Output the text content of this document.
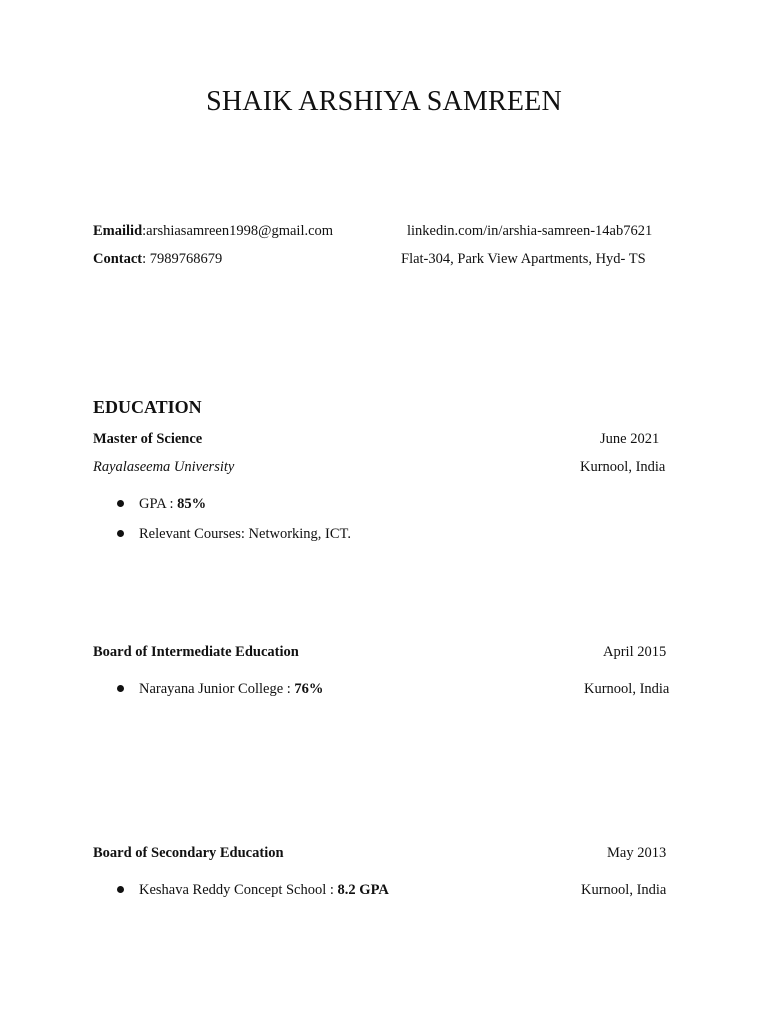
SHAIK ARSHIYA SAMREEN
Emailid:arshiasamreen1998@gmail.com	linkedin.com/in/arshia-samreen-14ab7621
Contact: 7989768679	Flat-304, Park View Apartments, Hyd- TS
EDUCATION
Master of Science	June 2021
Rayalaseema University	Kurnool, India
GPA : 85%
Relevant Courses: Networking, ICT.
Board of Intermediate Education	April 2015
Narayana Junior College : 76%	Kurnool, India
Board of Secondary Education	May 2013
Keshava Reddy Concept School : 8.2 GPA	Kurnool, India
